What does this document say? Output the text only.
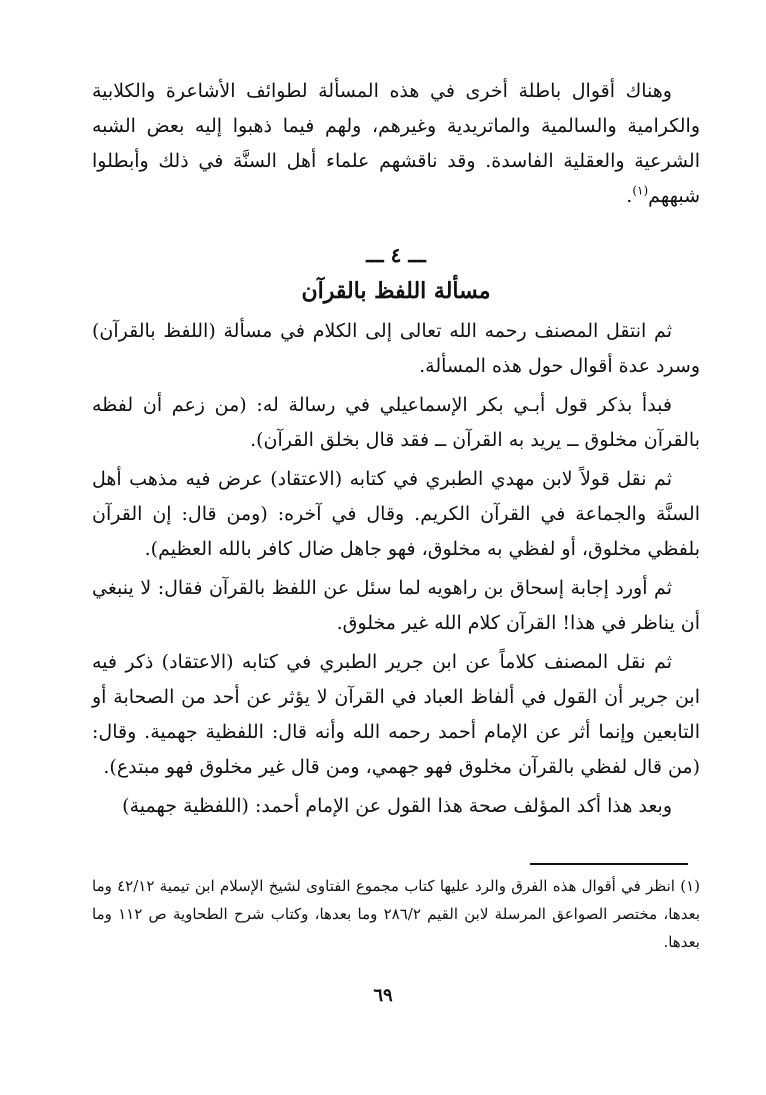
وهناك أقوال باطلة أخرى في هذه المسألة لطوائف الأشاعرة والكلابية والكرامية والسالمية والماتريدية وغيرهم، ولهم فيما ذهبوا إليه بعض الشبه الشرعية والعقلية الفاسدة. وقد ناقشهم علماء أهل السنَّة في ذلك وأبطلوا شبههم$^{(١)}$.

ـــ ٤ ـــ
مسألة اللفظ بالقرآن

ثم انتقل المصنف رحمه الله تعالى إلى الكلام في مسألة (اللفظ بالقرآن) وسرد عدة أقوال حول هذه المسألة.

فبدأ بذكر قول أبـي بكر الإسماعيلي في رسالة له: (من زعم أن لفظه بالقرآن مخلوق ــ يريد به القرآن ــ فقد قال بخلق القرآن).

ثم نقل قولاً لابن مهدي الطبري في كتابه (الاعتقاد) عرض فيه مذهب أهل السنَّة والجماعة في القرآن الكريم. وقال في آخره: (ومن قال: إن القرآن بلفظي مخلوق، أو لفظي به مخلوق، فهو جاهل ضال كافر بالله العظيم).

ثم أورد إجابة إسحاق بن راهويه لما سئل عن اللفظ بالقرآن فقال: لا ينبغي أن يناظر في هذا! القرآن كلام الله غير مخلوق.

ثم نقل المصنف كلاماً عن ابن جرير الطبري في كتابه (الاعتقاد) ذكر فيه ابن جرير أن القول في ألفاظ العباد في القرآن لا يؤثر عن أحد من الصحابة أو التابعين وإنما أثر عن الإمام أحمد رحمه الله وأنه قال: اللفظية جهمية. وقال: (من قال لفظي بالقرآن مخلوق فهو جهمي، ومن قال غير مخلوق فهو مبتدع).

وبعد هذا أكد المؤلف صحة هذا القول عن الإمام أحمد: (اللفظية جهمية)

(١) انظر في أقوال هذه الفرق والرد عليها كتاب مجموع الفتاوى لشيخ الإسلام ابن تيمية ٤٢/١٢ وما بعدها، مختصر الصواعق المرسلة لابن القيم ٢٨٦/٢ وما بعدها، وكتاب شرح الطحاوية ص ١١٢ وما بعدها.
٦٩
